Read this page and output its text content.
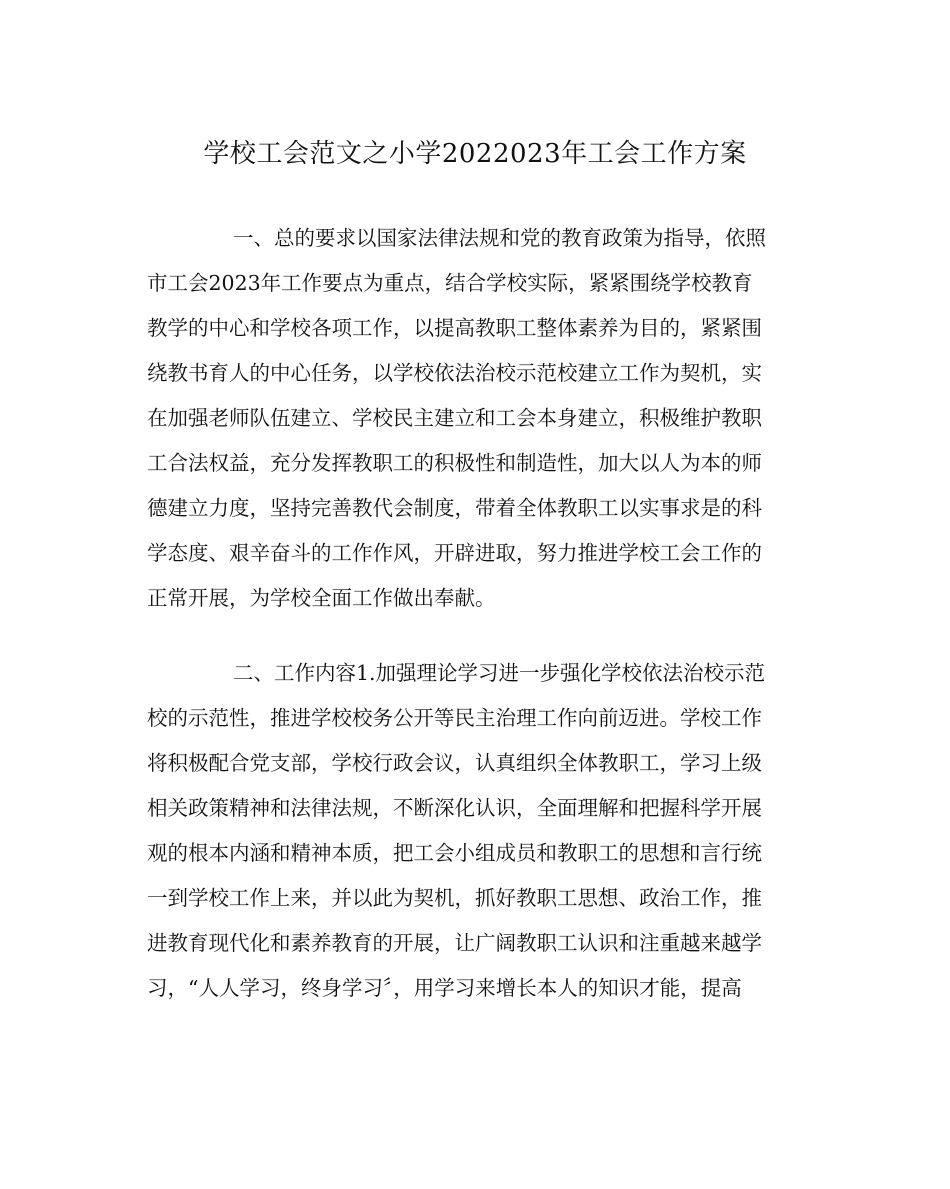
学校工会范文之小学2022023年工会工作方案
一、总的要求以国家法律法规和党的教育政策为指导，依照
市工会2023年工作要点为重点，结合学校实际，紧紧围绕学校教育
教学的中心和学校各项工作，以提高教职工整体素养为目的，紧紧围
绕教书育人的中心任务，以学校依法治校示范校建立工作为契机，实
在加强老师队伍建立、学校民主建立和工会本身建立，积极维护教职
工合法权益，充分发挥教职工的积极性和制造性，加大以人为本的师
德建立力度，坚持完善教代会制度，带着全体教职工以实事求是的科
学态度、艰辛奋斗的工作作风，开辟进取，努力推进学校工会工作的
正常开展，为学校全面工作做出奉献。
二、工作内容1.加强理论学习进一步强化学校依法治校示范
校的示范性，推进学校校务公开等民主治理工作向前迈进。学校工作
将积极配合党支部，学校行政会议，认真组织全体教职工，学习上级
相关政策精神和法律法规，不断深化认识，全面理解和把握科学开展
观的根本内涵和精神本质，把工会小组成员和教职工的思想和言行统
一到学校工作上来，并以此为契机，抓好教职工思想、政治工作，推
进教育现代化和素养教育的开展，让广阔教职工认识和注重越来越学
习，“人人学习，终身学习〞，用学习来增长本人的知识才能，提高
